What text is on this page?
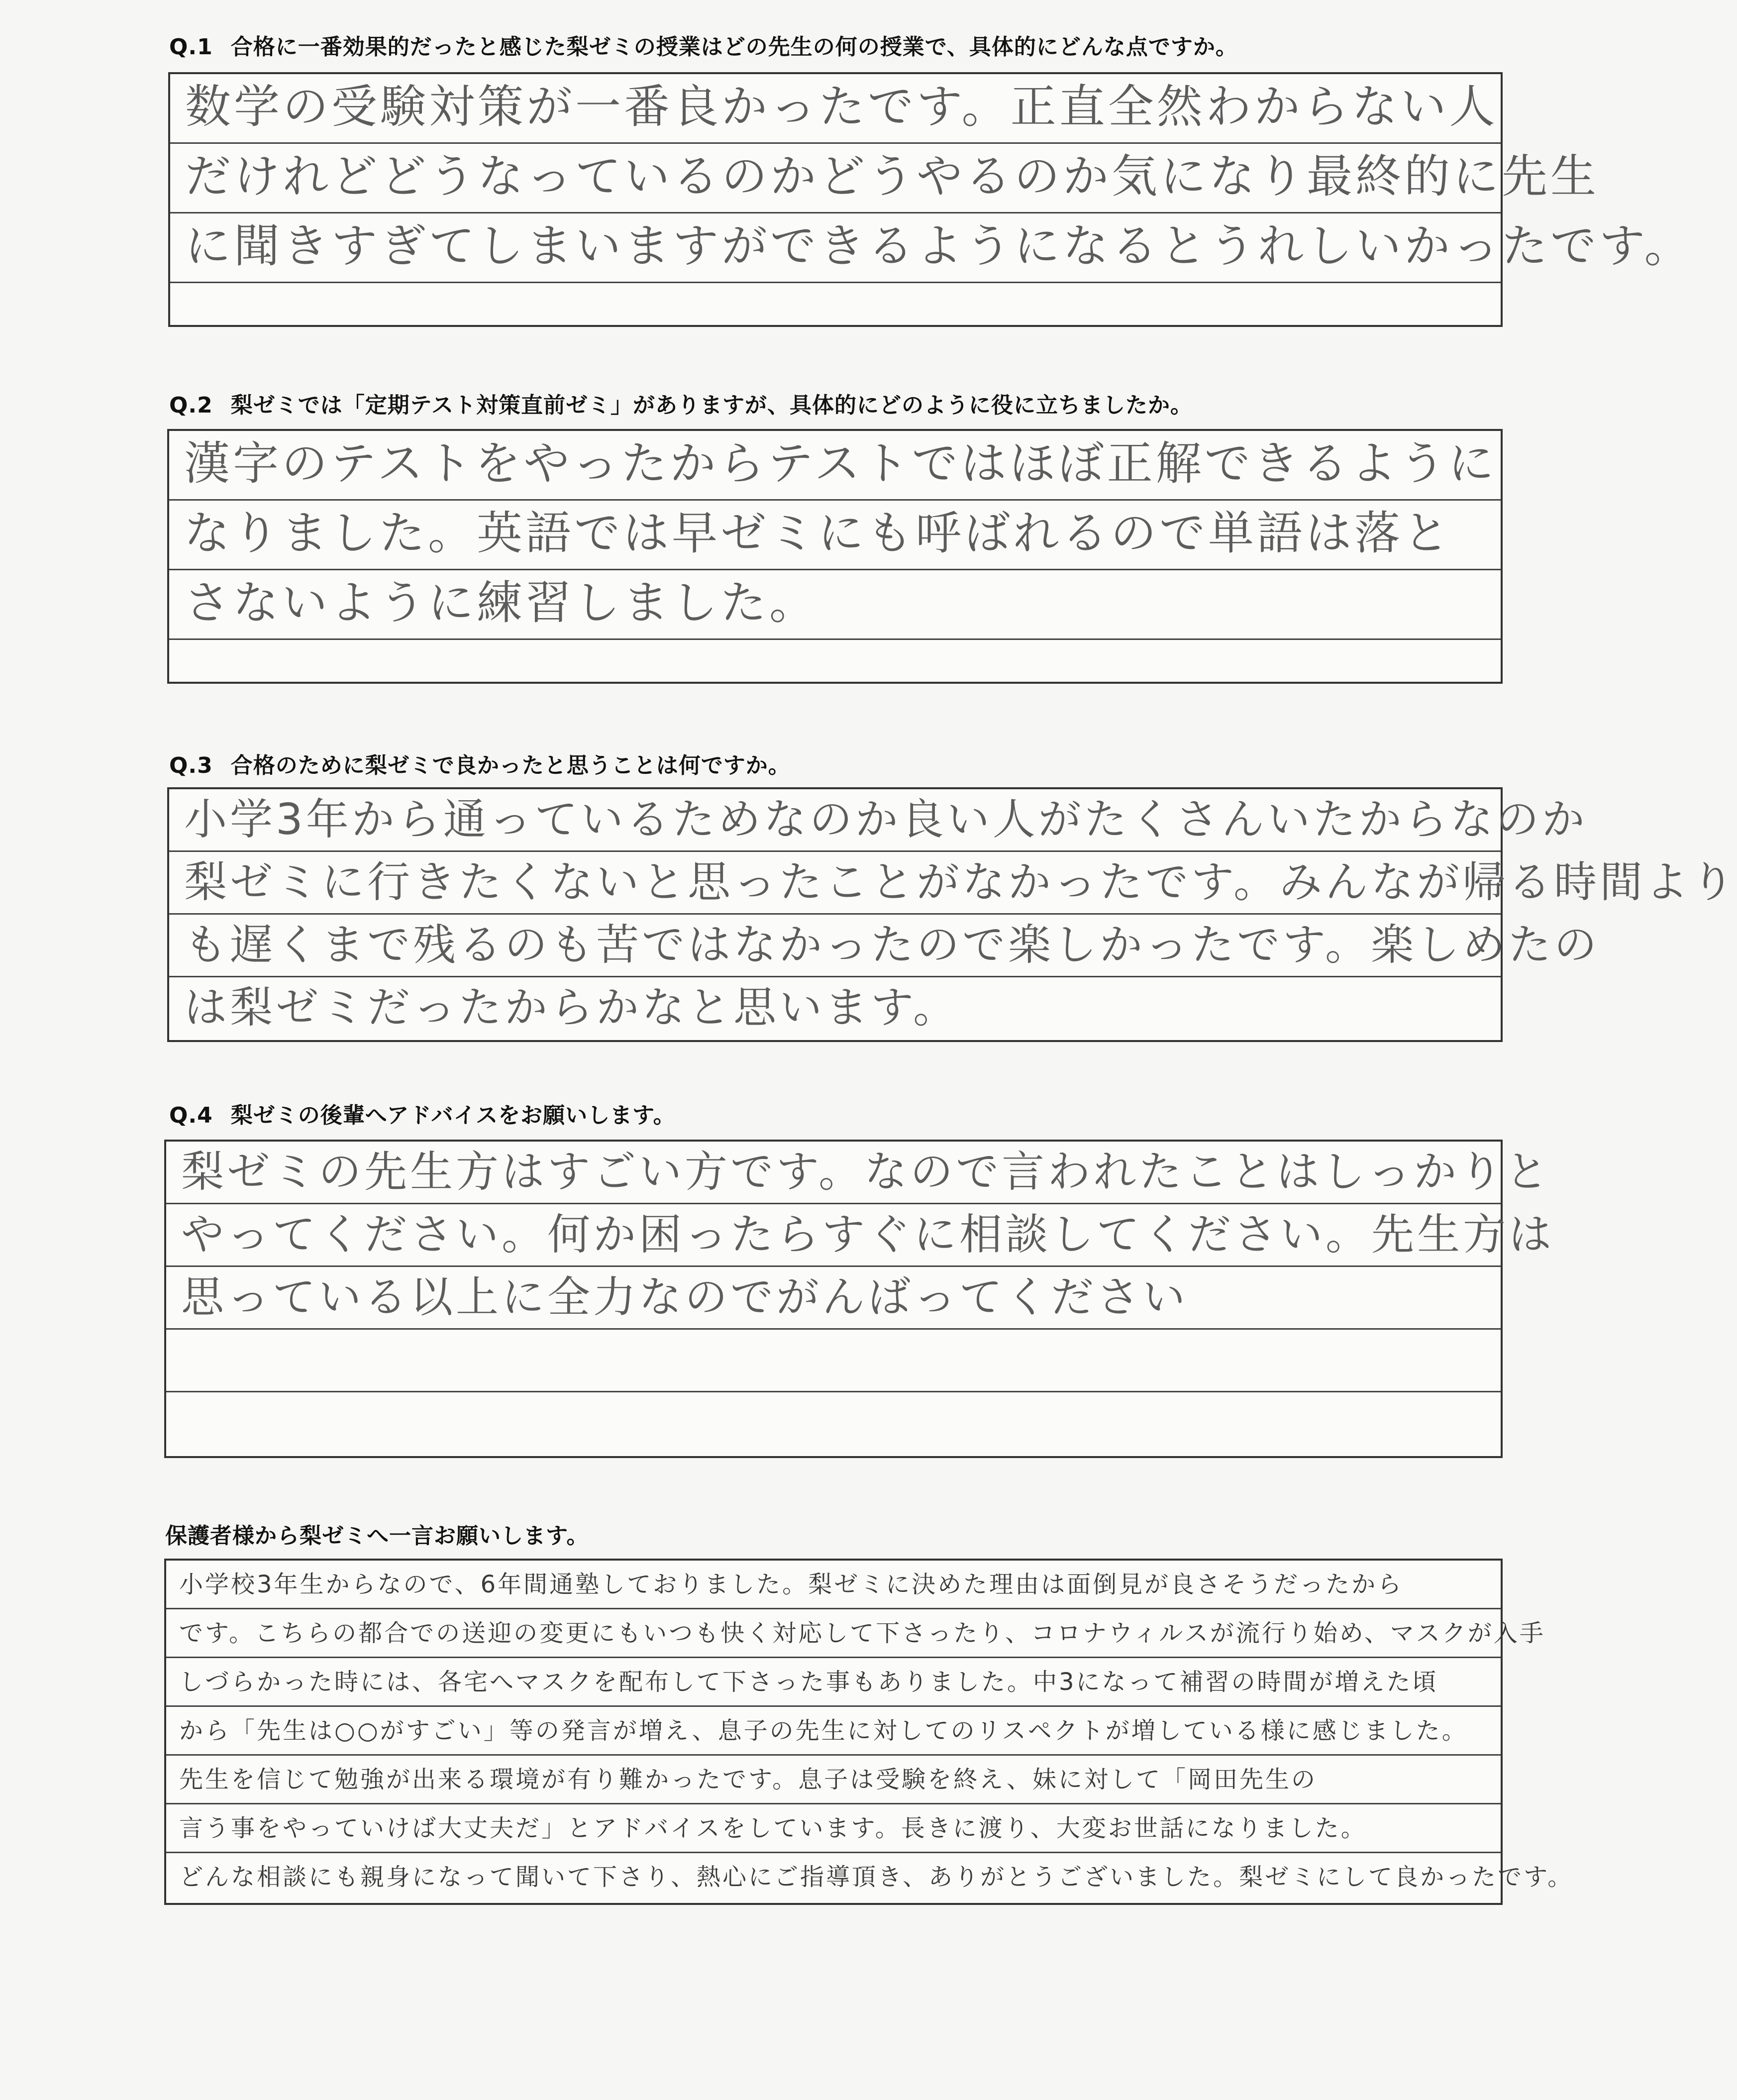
Q.1 合格に一番効果的だったと感じた梨ゼミの授業はどの先生の何の授業で、具体的にどんな点ですか。
数学の受験対策が一番良かったです。正直全然わからない人
だけれどどうなっているのかどうやるのか気になり最終的に先生
に聞きすぎてしまいますができるようになるとうれしいかったです。
Q.2 梨ゼミでは「定期テスト対策直前ゼミ」がありますが、具体的にどのように役に立ちましたか。
漢字のテストをやったからテストではほぼ正解できるように
なりました。英語では早ゼミにも呼ばれるので単語は落と
さないように練習しました。
Q.3 合格のために梨ゼミで良かったと思うことは何ですか。
小学3年から通っているためなのか良い人がたくさんいたからなのか
梨ゼミに行きたくないと思ったことがなかったです。みんなが帰る時間より
も遅くまで残るのも苦ではなかったので楽しかったです。楽しめたの
は梨ゼミだったからかなと思います。
Q.4 梨ゼミの後輩へアドバイスをお願いします。
梨ゼミの先生方はすごい方です。なので言われたことはしっかりと
やってください。何か困ったらすぐに相談してください。先生方は
思っている以上に全力なのでがんばってください
保護者様から梨ゼミへ一言お願いします。
小学校3年生からなので、6年間通塾しておりました。梨ゼミに決めた理由は面倒見が良さそうだったから
です。こちらの都合での送迎の変更にもいつも快く対応して下さったり、コロナウィルスが流行り始め、マスクが入手
しづらかった時には、各宅へマスクを配布して下さった事もありました。中3になって補習の時間が増えた頃
から「先生は○○がすごい」等の発言が増え、息子の先生に対してのリスペクトが増している様に感じました。
先生を信じて勉強が出来る環境が有り難かったです。息子は受験を終え、妹に対して「岡田先生の
言う事をやっていけば大丈夫だ」とアドバイスをしています。長きに渡り、大変お世話になりました。
どんな相談にも親身になって聞いて下さり、熱心にご指導頂き、ありがとうございました。梨ゼミにして良かったです。
